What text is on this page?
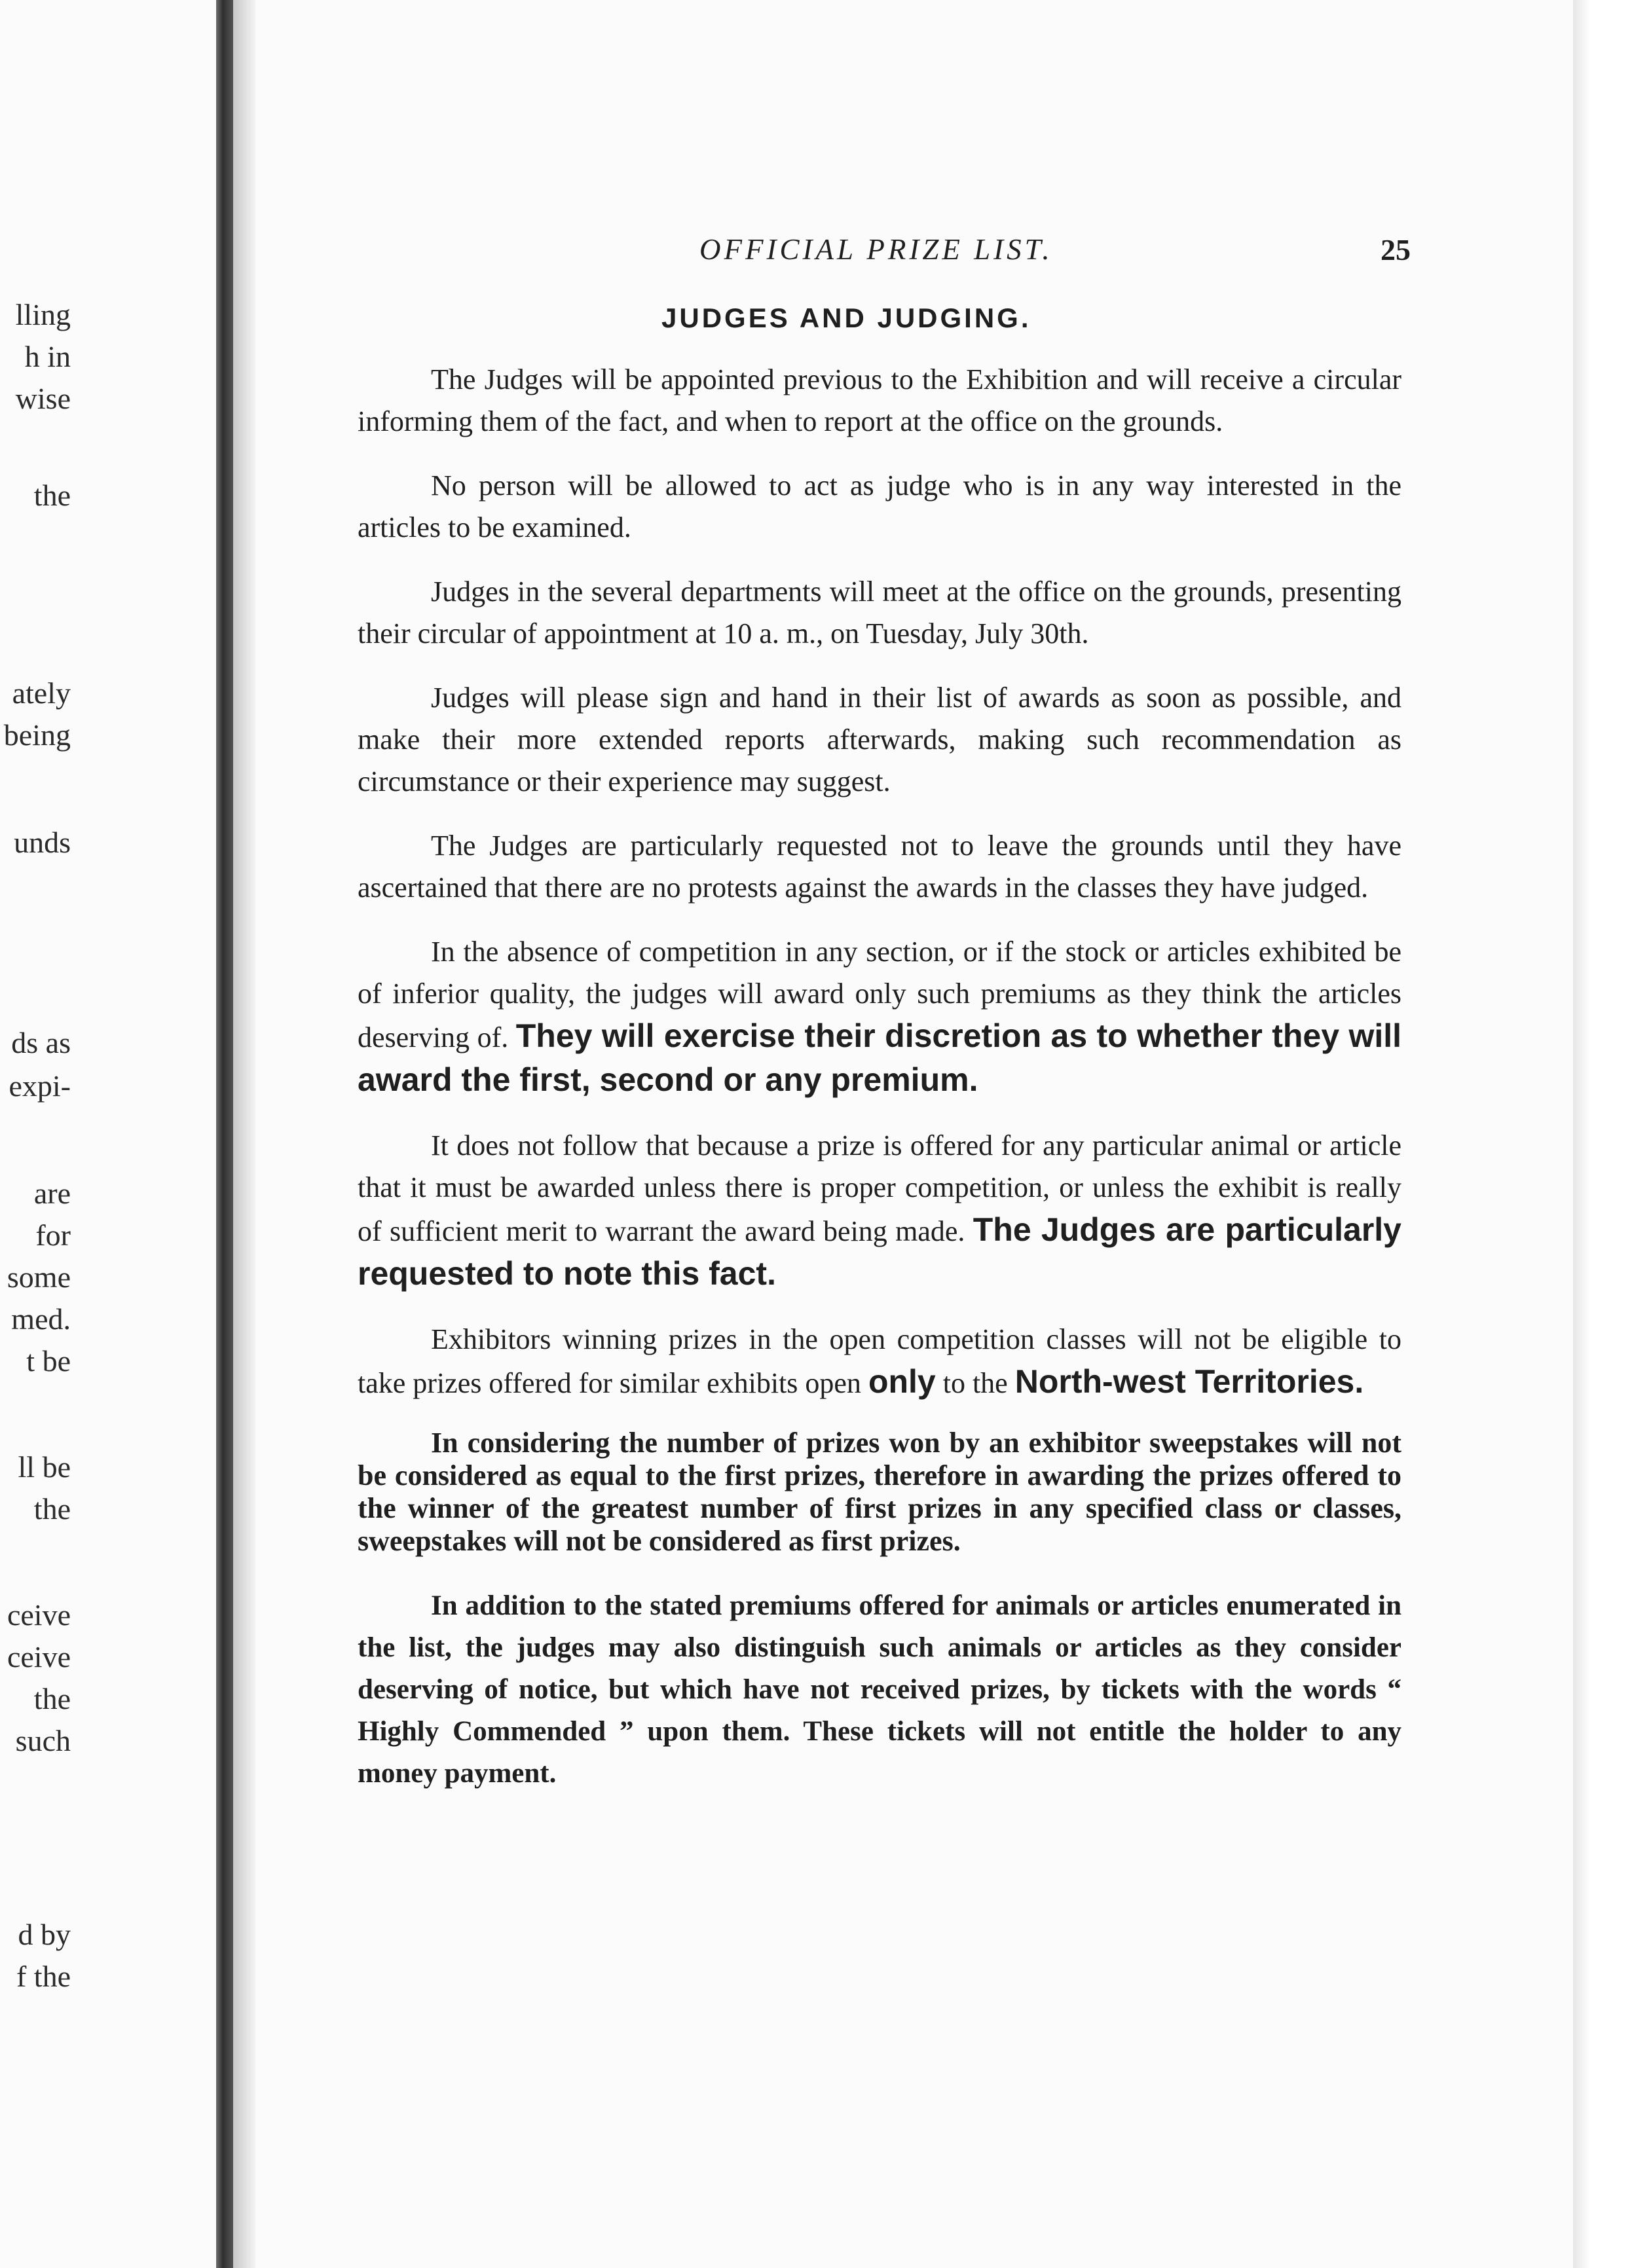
lling
h in
wise
the
ately
being
unds
ds as
expi-
are
for
some
med.
t be
ll be
the
ceive
ceive
the
such
d by
f the
OFFICIAL PRIZE LIST.	25
JUDGES AND JUDGING.

The Judges will be appointed previous to the Exhibition and will receive a circular informing them of the fact, and when to report at the office on the grounds.

No person will be allowed to act as judge who is in any way interested in the articles to be examined.

Judges in the several departments will meet at the office on the grounds, presenting their circular of appointment at 10 a. m., on Tuesday, July 30th.

Judges will please sign and hand in their list of awards as soon as possible, and make their more extended reports afterwards, making such recommendation as circumstance or their experience may suggest.

The Judges are particularly requested not to leave the grounds until they have ascertained that there are no protests against the awards in the classes they have judged.

In the absence of competition in any section, or if the stock or articles exhibited be of inferior quality, the judges will award only such premiums as they think the articles deserving of. They will exercise their discretion as to whether they will award the first, second or any premium.

It does not follow that because a prize is offered for any particular animal or article that it must be awarded unless there is proper competition, or unless the exhibit is really of sufficient merit to warrant the award being made. The Judges are particularly requested to note this fact.

Exhibitors winning prizes in the open competition classes will not be eligible to take prizes offered for similar exhibits open only to the North-west Territories.

In considering the number of prizes won by an exhibitor sweepstakes will not be considered as equal to the first prizes, therefore in awarding the prizes offered to the winner of the greatest number of first prizes in any specified class or classes, sweepstakes will not be considered as first prizes.

In addition to the stated premiums offered for animals or articles enumerated in the list, the judges may also distinguish such animals or articles as they consider deserving of notice, but which have not received prizes, by tickets with the words “ Highly Commended ” upon them. These tickets will not entitle the holder to any money payment.
